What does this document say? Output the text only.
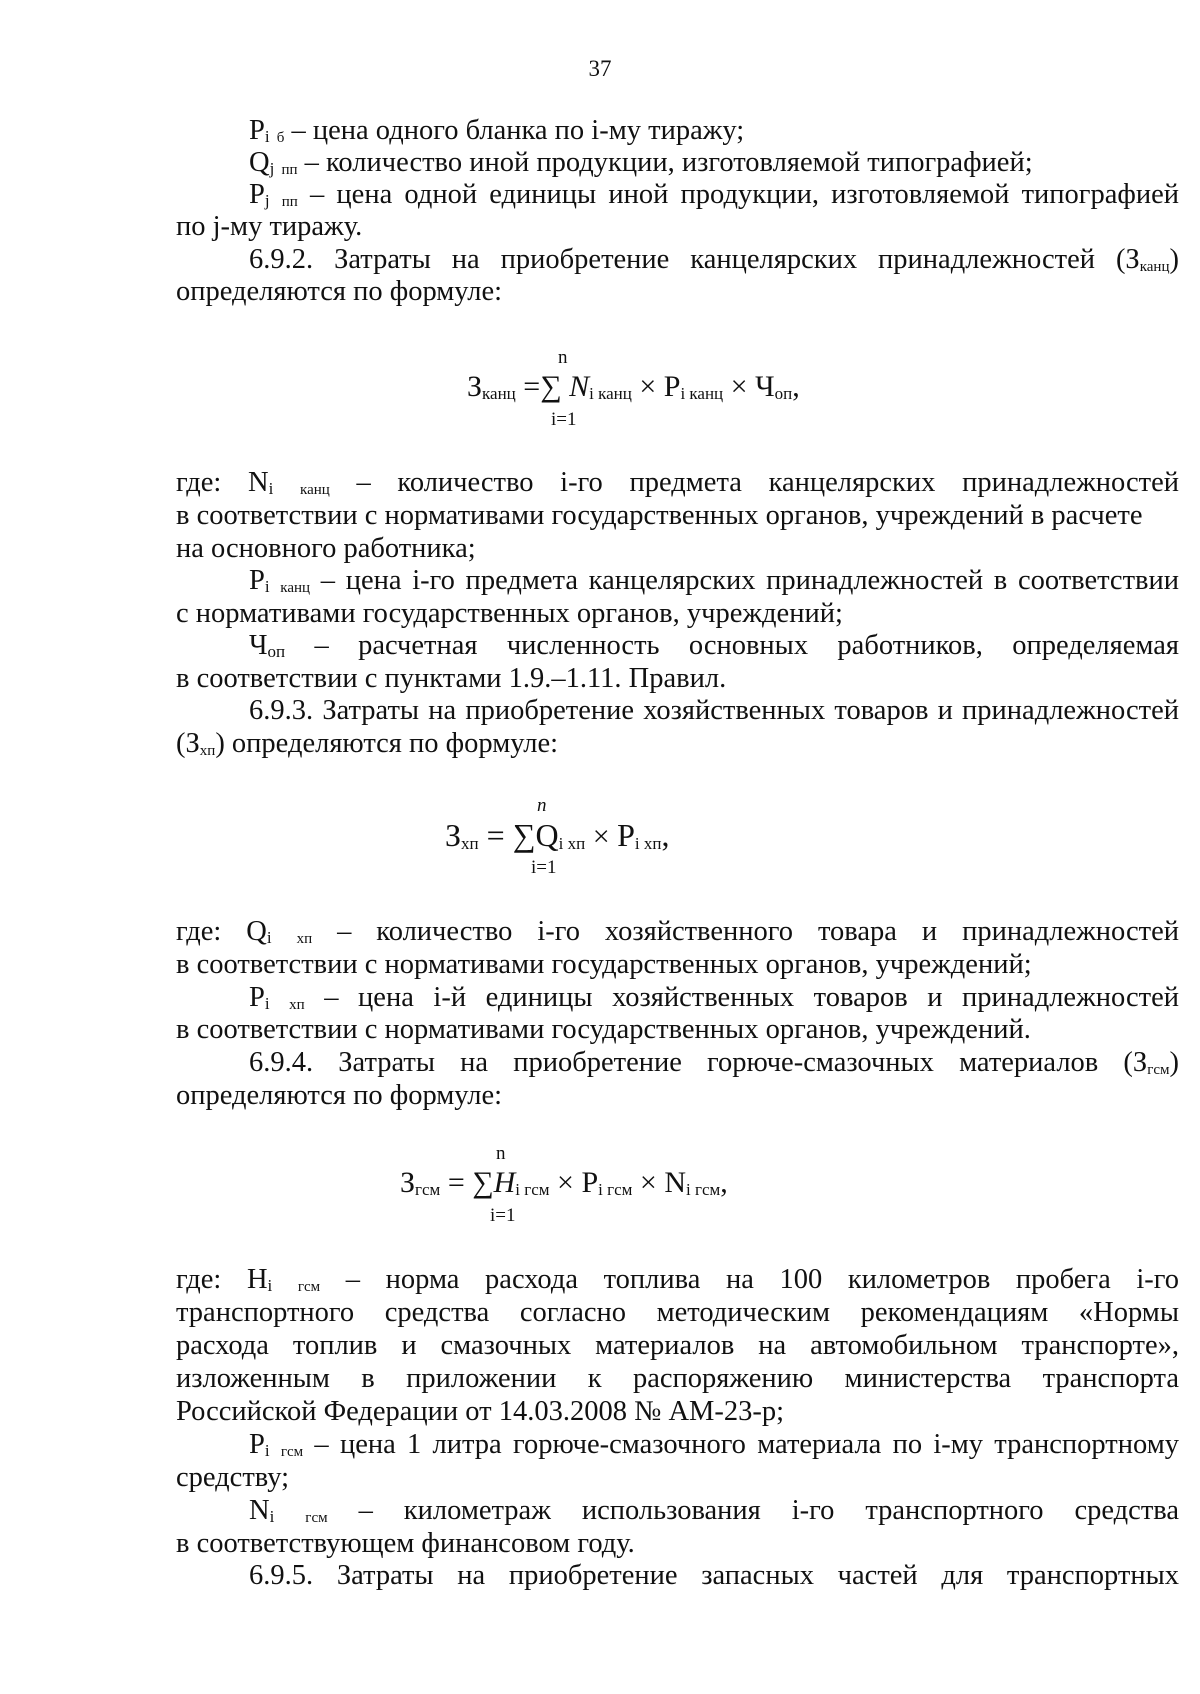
37
Pi $_б$ – цена одного бланка по i-му тиражу;
Qj $_{пп}$ – количество иной продукции, изготовляемой типографией;
Pj $_{пп}$ – цена одной единицы иной продукции, изготовляемой типографией
по j-му тиражу.
6.9.2. Затраты на приобретение канцелярских принадлежностей $(З_{канц})$
определяются по формуле:
n
Зканц =∑ Ni канц × Pi канц × Чоп,
i=1
где: Ni $_{канц}$ – количество i-го предмета канцелярских принадлежностей
в соответствии с нормативами государственных органов, учреждений в расчете
на основного работника;
Pi $_{канц}$ – цена i-го предмета канцелярских принадлежностей в соответствии
с нормативами государственных органов, учреждений;
Чоп – расчетная численность основных работников, определяемая
в соответствии с пунктами 1.9.–1.11. Правил.
6.9.3. Затраты на приобретение хозяйственных товаров и принадлежностей
$(З_{хп})$ определяются по формуле:
n
Зхп = ∑Qi хп × Pi хп,
i=1
где: Qi $_{хп}$ – количество i-го хозяйственного товара и принадлежностей
в соответствии с нормативами государственных органов, учреждений;
Pi $_{хп}$ – цена i-й единицы хозяйственных товаров и принадлежностей
в соответствии с нормативами государственных органов, учреждений.
6.9.4. Затраты на приобретение горюче-смазочных материалов $(З_{гсм})$
определяются по формуле:
n
Згсм = ∑Hi гсм × Pi гсм × Ni гсм,
i=1
где: Hi $_{гсм}$ – норма расхода топлива на 100 километров пробега i-го
транспортного средства согласно методическим рекомендациям «Нормы
расхода топлив и смазочных материалов на автомобильном транспорте»,
изложенным в приложении к распоряжению министерства транспорта
Российской Федерации от 14.03.2008 № АМ-23-р;
Pi $_{гсм}$ – цена 1 литра горюче-смазочного материала по i-му транспортному
средству;
Ni $_{гсм}$ – километраж использования i-го транспортного средства
в соответствующем финансовом году.
6.9.5. Затраты на приобретение запасных частей для транспортных
